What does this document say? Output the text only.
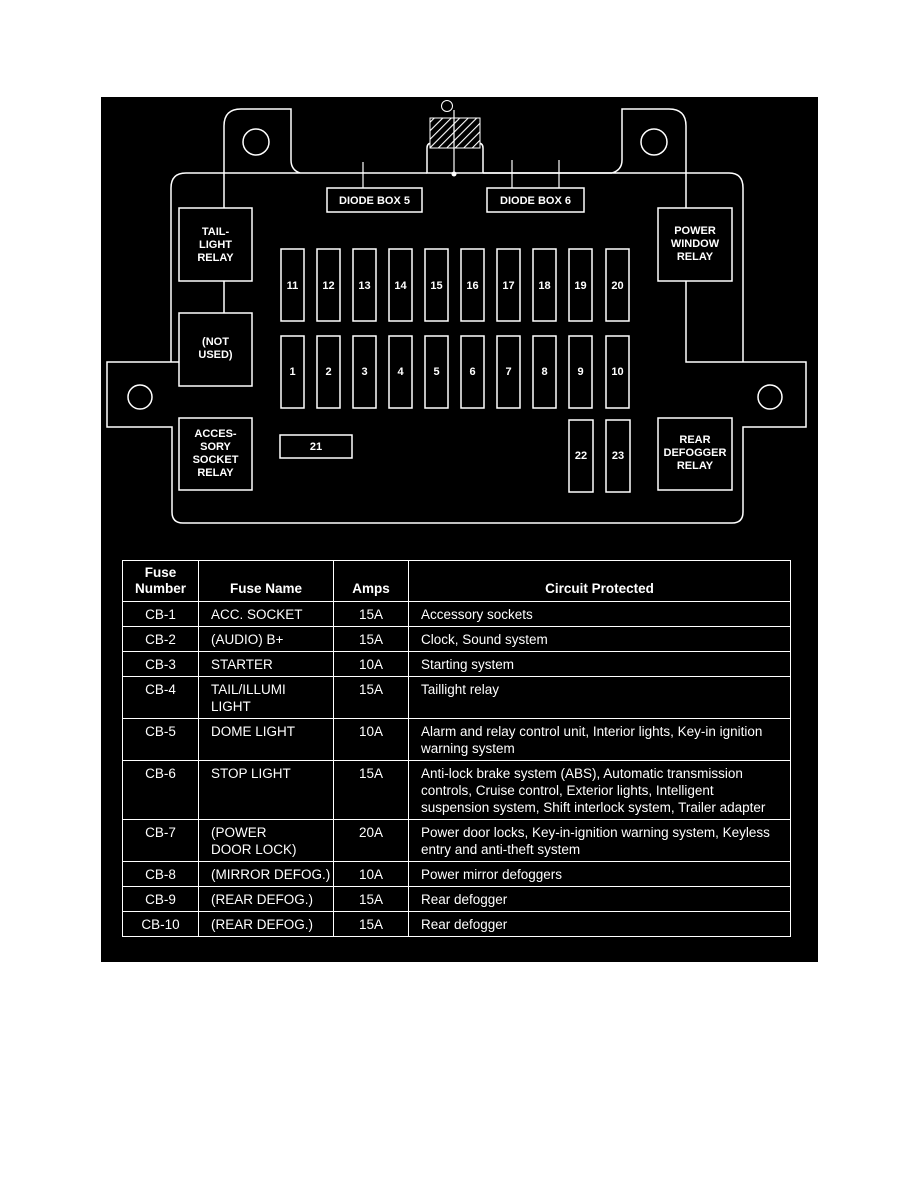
DIODE BOX 5	DIODE BOX 6
TAIL-
LIGHT
RELAY
(NOT
USED)
ACCES-
SORY
SOCKET
RELAY
POWER
WINDOW
RELAY
REAR
DEFOGGER
RELAY
11 12 13 14 15 16 17 18 19 20
1	2	3	4	5	6	7	8	9	10
21
22 23
Fuse
Number	Fuse Name	Amps	Circuit Protected
CB-1	ACC. SOCKET	15A	Accessory sockets
CB-2	(AUDIO) B+	15A	Clock, Sound system
CB-3	STARTER	10A	Starting system
CB-4	TAIL/ILLUMI
LIGHT	15A	Taillight relay
CB-5	DOME LIGHT	10A	Alarm and relay control unit, Interior lights, Key-in ignition warning system
CB-6	STOP LIGHT	15A	Anti-lock brake system (ABS), Automatic transmission controls, Cruise control, Exterior lights, Intelligent suspension system, Shift interlock system, Trailer adapter
CB-7	(POWER
DOOR LOCK)	20A	Power door locks, Key-in-ignition warning system, Keyless entry and anti-theft system
CB-8	(MIRROR DEFOG.)	10A	Power mirror defoggers
CB-9	(REAR DEFOG.)	15A	Rear defogger
CB-10	(REAR DEFOG.)	15A	Rear defogger
